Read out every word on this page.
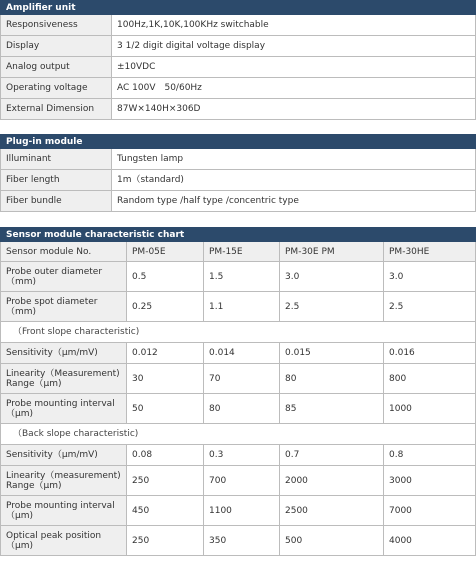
Amplifier unit	
Responsiveness	100Hz,1K,10K,100KHz switchable
Display	3 1/2 digit digital voltage display
Analog output	±10VDC
Operating voltage	AC 100V　50/60Hz
External Dimension	87W×140H×306D
Plug-in module	
Illuminant	Tungsten lamp
Fiber length	1m（standard)
Fiber bundle	Random type /half type /concentric type
Sensor module characteristic chart				
Sensor module No.	PM-05E	PM-15E	PM-30E PM	PM-30HE
Probe outer diameter（mm)	0.5	1.5	3.0	3.0
Probe spot diameter（mm)	0.25	1.1	2.5	2.5
（Front slope characteristic)				
Sensitivity（μm/mV)	0.012	0.014	0.015	0.016
Linearity（Measurement) Range（μm)	30	70	80	800
Probe mounting interval（μm)	50	80	85	1000
（Back slope characteristic)				
Sensitivity（μm/mV)	0.08	0.3	0.7	0.8
Linearity（measurement) Range（μm)	250	700	2000	3000
Probe mounting interval（μm)	450	1100	2500	7000
Optical peak position（μm)	250	350	500	4000
